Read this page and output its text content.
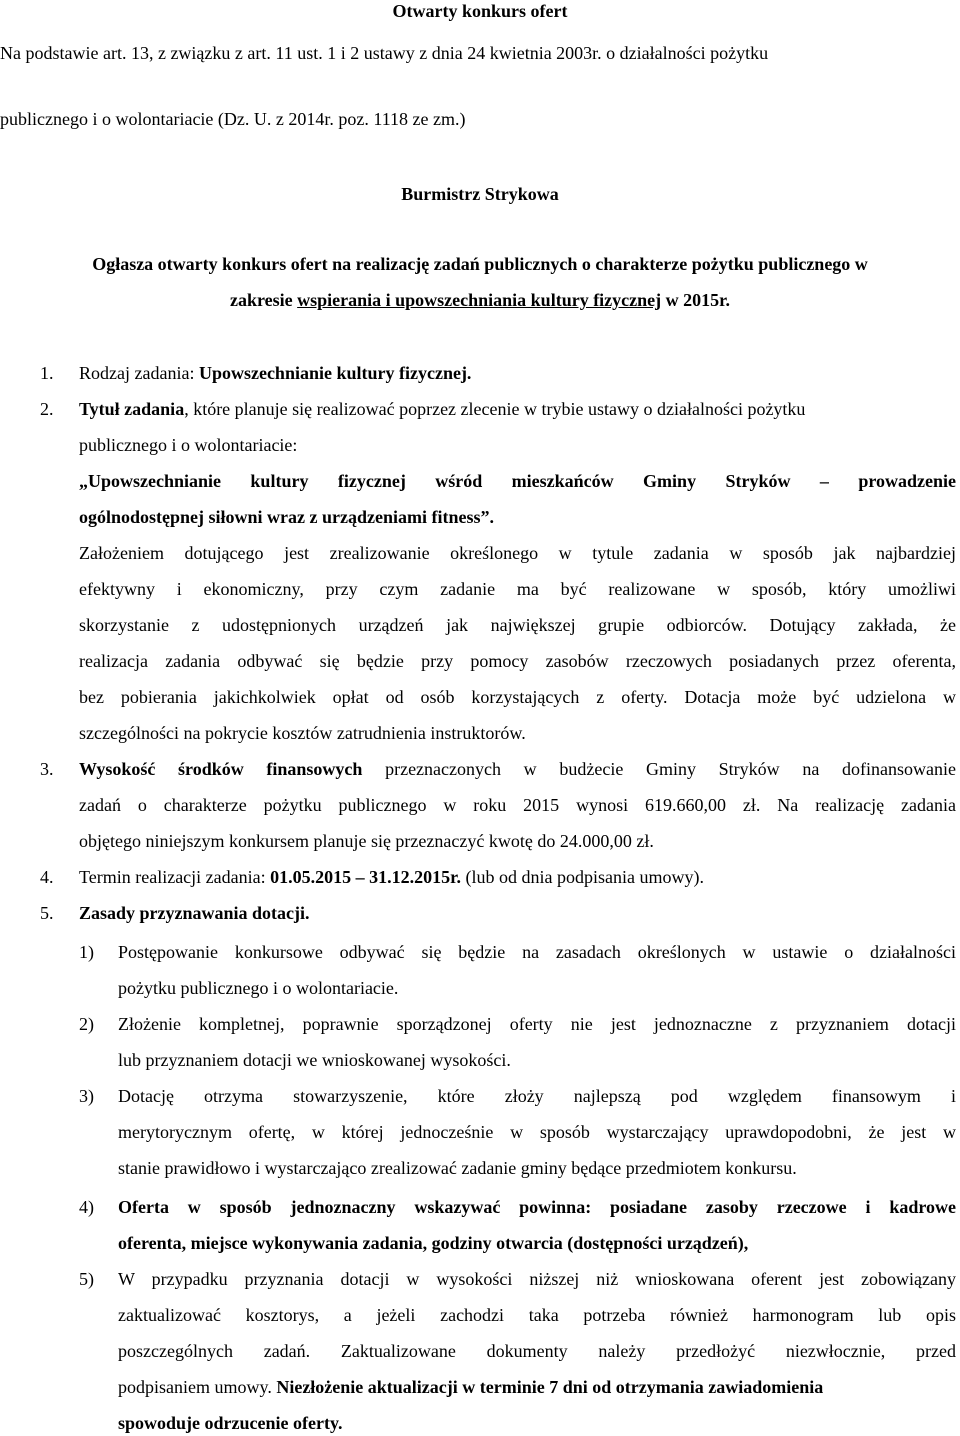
Otwarty konkurs ofert

Na podstawie art. 13, z związku z art. 11 ust. 1 i 2 ustawy z dnia 24 kwietnia 2003r. o działalności pożytku

publicznego i o wolontariacie (Dz. U. z 2014r. poz. 1118 ze zm.)

Burmistrz Strykowa

Ogłasza otwarty konkurs ofert na realizację zadań publicznych o charakterze pożytku publicznego w

zakresie wspierania i upowszechniania kultury fizycznej w 2015r.

1. Rodzaj zadania: Upowszechnianie kultury fizycznej.

2. Tytuł zadania, które planuje się realizować poprzez zlecenie w trybie ustawy o działalności pożytku

publicznego i o wolontariacie:

„Upowszechnianie kultury fizycznej wśród mieszkańców Gminy Stryków – prowadzenie

ogólnodostępnej siłowni wraz z urządzeniami fitness”.

Założeniem dotującego jest zrealizowanie określonego w tytule zadania w sposób jak najbardziej

efektywny i ekonomiczny, przy czym zadanie ma być realizowane w sposób, który umożliwi

skorzystanie z udostępnionych urządzeń jak największej grupie odbiorców. Dotujący zakłada, że

realizacja zadania odbywać się będzie przy pomocy zasobów rzeczowych posiadanych przez oferenta,

bez pobierania jakichkolwiek opłat od osób korzystających z oferty. Dotacja może być udzielona w

szczególności na pokrycie kosztów zatrudnienia instruktorów.

3. Wysokość środków finansowych przeznaczonych w budżecie Gminy Stryków na dofinansowanie

zadań o charakterze pożytku publicznego w roku 2015 wynosi 619.660,00 zł. Na realizację zadania

objętego niniejszym konkursem planuje się przeznaczyć kwotę do 24.000,00 zł.

4. Termin realizacji zadania: 01.05.2015 – 31.12.2015r. (lub od dnia podpisania umowy).

5. Zasady przyznawania dotacji.

1) Postępowanie konkursowe odbywać się będzie na zasadach określonych w ustawie o działalności

pożytku publicznego i o wolontariacie.

2) Złożenie kompletnej, poprawnie sporządzonej oferty nie jest jednoznaczne z przyznaniem dotacji

lub przyznaniem dotacji we wnioskowanej wysokości.

3) Dotację otrzyma stowarzyszenie, które złoży najlepszą pod względem finansowym i

merytorycznym ofertę, w której jednocześnie w sposób wystarczający uprawdopodobni, że jest w

stanie prawidłowo i wystarczająco zrealizować zadanie gminy będące przedmiotem konkursu.

4) Oferta w sposób jednoznaczny wskazywać powinna: posiadane zasoby rzeczowe i kadrowe

oferenta, miejsce wykonywania zadania, godziny otwarcia (dostępności urządzeń),

5) W przypadku przyznania dotacji w wysokości niższej niż wnioskowana oferent jest zobowiązany

zaktualizować kosztorys, a jeżeli zachodzi taka potrzeba również harmonogram lub opis

poszczególnych zadań. Zaktualizowane dokumenty należy przedłożyć niezwłocznie, przed

podpisaniem umowy. Niezłożenie aktualizacji w terminie 7 dni od otrzymania zawiadomienia

spowoduje odrzucenie oferty.
